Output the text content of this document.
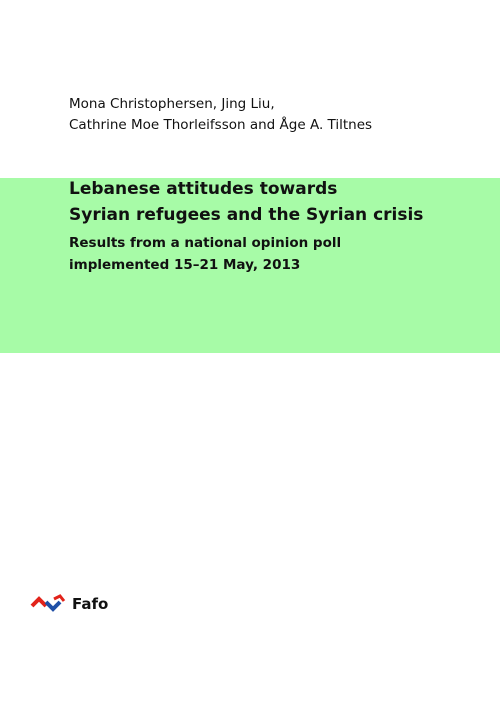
Mona Christophersen, Jing Liu,
Cathrine Moe Thorleifsson and Åge A. Tiltnes
Lebanese attitudes towards
Syrian refugees and the Syrian crisis
Results from a national opinion poll
implemented 15–21 May, 2013
Fafo
